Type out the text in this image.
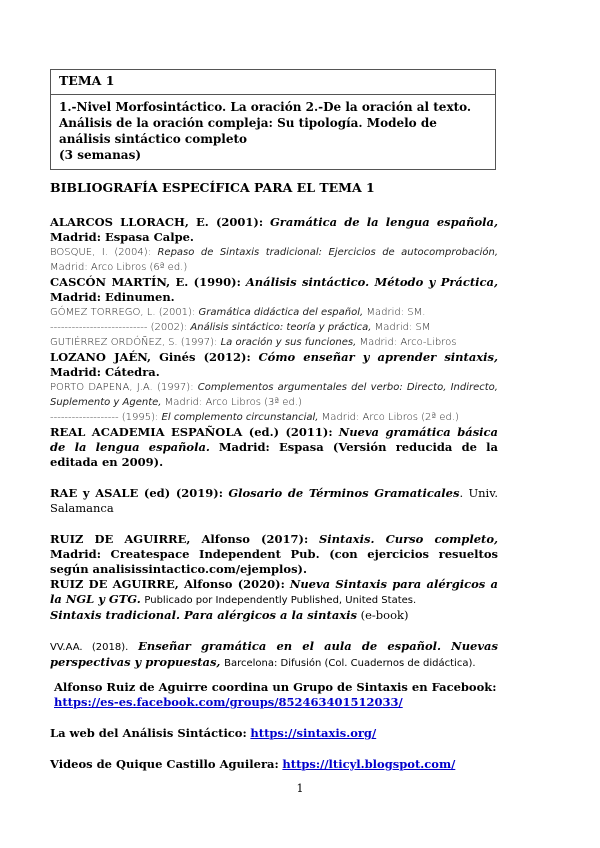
TEMA 1
1.-Nivel Morfosintáctico. La oración 2.-De la oración al texto. Análisis de la oración compleja: Su tipología. Modelo de análisis sintáctico completo
(3 semanas)

BIBLIOGRAFÍA ESPECÍFICA PARA EL TEMA 1

ALARCOS LLORACH, E. (2001): Gramática de la lengua española, Madrid: Espasa Calpe.

BOSQUE, I. (2004): Repaso de Sintaxis tradicional: Ejercicios de autocomprobación, Madrid: Arco Libros (6ª ed.)

CASCÓN MARTÍN, E. (1990): Análisis sintáctico. Método y Práctica, Madrid: Edinumen.

GÓMEZ TORREGO, L. (2001): Gramática didáctica del español, Madrid: SM.

--------------------------- (2002): Análisis sintáctico: teoría y práctica, Madrid: SM

GUTIÉRREZ ORDÓÑEZ, S. (1997): La oración y sus funciones, Madrid: Arco-Libros

LOZANO JAÉN, Ginés (2012): Cómo enseñar y aprender sintaxis, Madrid: Cátedra.

PORTO DAPENA, J.A. (1997): Complementos argumentales del verbo: Directo, Indirecto, Suplemento y Agente, Madrid: Arco Libros (3ª ed.)

------------------- (1995): El complemento circunstancial, Madrid: Arco Libros (2ª ed.)

REAL ACADEMIA ESPAÑOLA (ed.) (2011): Nueva gramática básica de la lengua española. Madrid: Espasa (Versión reducida de la editada en 2009).

RAE y ASALE (ed) (2019): Glosario de Términos Gramaticales. Univ. Salamanca

RUIZ DE AGUIRRE, Alfonso (2017): Sintaxis. Curso completo, Madrid: Createspace Independent Pub. (con ejercicios resueltos según analisissintactico.com/ejemplos).

RUIZ DE AGUIRRE, Alfonso (2020): Nueva Sintaxis para alérgicos a la NGL y GTG. Publicado por Independently Published, United States.

Sintaxis tradicional. Para alérgicos a la sintaxis (e-book)

VV.AA. (2018). Enseñar gramática en el aula de español. Nuevas perspectivas y propuestas, Barcelona: Difusión (Col. Cuadernos de didáctica).

Alfonso Ruiz de Aguirre coordina un Grupo de Sintaxis en Facebook:
https://es-es.facebook.com/groups/852463401512033/

La web del Análisis Sintáctico: https://sintaxis.org/

Videos de Quique Castillo Aguilera: https://lticyl.blogspot.com/

1
